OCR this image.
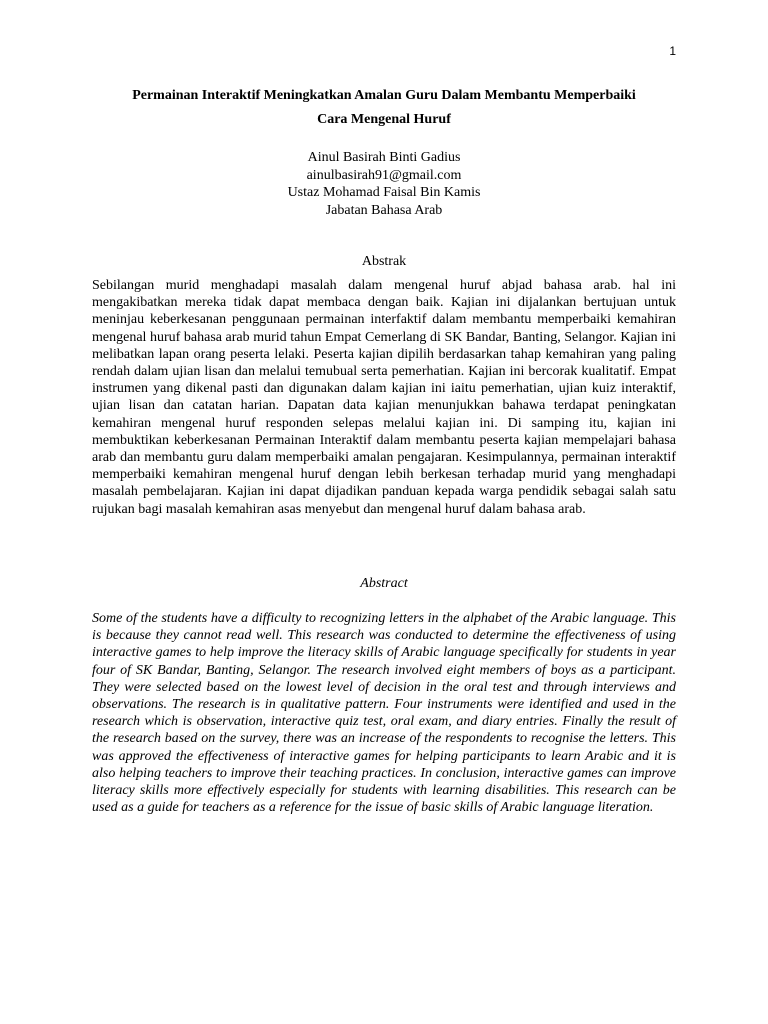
1
Permainan Interaktif Meningkatkan Amalan Guru Dalam Membantu Memperbaiki
Cara Mengenal Huruf
Ainul Basirah Binti Gadius
ainulbasirah91@gmail.com
Ustaz Mohamad Faisal Bin Kamis
Jabatan Bahasa Arab
Abstrak
Sebilangan murid menghadapi masalah dalam mengenal huruf abjad bahasa arab. hal ini mengakibatkan mereka tidak dapat membaca dengan baik. Kajian ini dijalankan bertujuan untuk meninjau keberkesanan penggunaan permainan interfaktif dalam membantu memperbaiki kemahiran mengenal huruf bahasa arab murid tahun Empat Cemerlang di SK Bandar, Banting, Selangor. Kajian ini melibatkan lapan orang peserta lelaki. Peserta kajian dipilih berdasarkan tahap kemahiran yang paling rendah dalam ujian lisan dan melalui temubual serta pemerhatian. Kajian ini bercorak kualitatif. Empat instrumen yang dikenal pasti dan digunakan dalam kajian ini iaitu pemerhatian, ujian kuiz interaktif, ujian lisan dan catatan harian. Dapatan data kajian menunjukkan bahawa terdapat peningkatan kemahiran mengenal huruf responden selepas melalui kajian ini. Di samping itu, kajian ini membuktikan keberkesanan Permainan Interaktif dalam membantu peserta kajian mempelajari bahasa arab dan membantu guru dalam memperbaiki amalan pengajaran. Kesimpulannya, permainan interaktif memperbaiki kemahiran mengenal huruf dengan lebih berkesan terhadap murid yang menghadapi masalah pembelajaran. Kajian ini dapat dijadikan panduan kepada warga pendidik sebagai salah satu rujukan bagi masalah kemahiran asas menyebut dan mengenal huruf dalam bahasa arab.
Abstract
Some of the students have a difficulty to recognizing letters in the alphabet of the Arabic language. This is because they cannot read well. This research was conducted to determine the effectiveness of using interactive games to help improve the literacy skills of Arabic language specifically for students in year four of SK Bandar, Banting, Selangor. The research involved eight members of boys as a participant. They were selected based on the lowest level of decision in the oral test and through interviews and observations. The research is in qualitative pattern. Four instruments were identified and used in the research which is observation, interactive quiz test, oral exam, and diary entries. Finally the result of the research based on the survey, there was an increase of the respondents to recognise the letters. This was approved the effectiveness of interactive games for helping participants to learn Arabic and it is also helping teachers to improve their teaching practices. In conclusion, interactive games can improve literacy skills more effectively especially for students with learning disabilities. This research can be used as a guide for teachers as a reference for the issue of basic skills of Arabic language literation.
